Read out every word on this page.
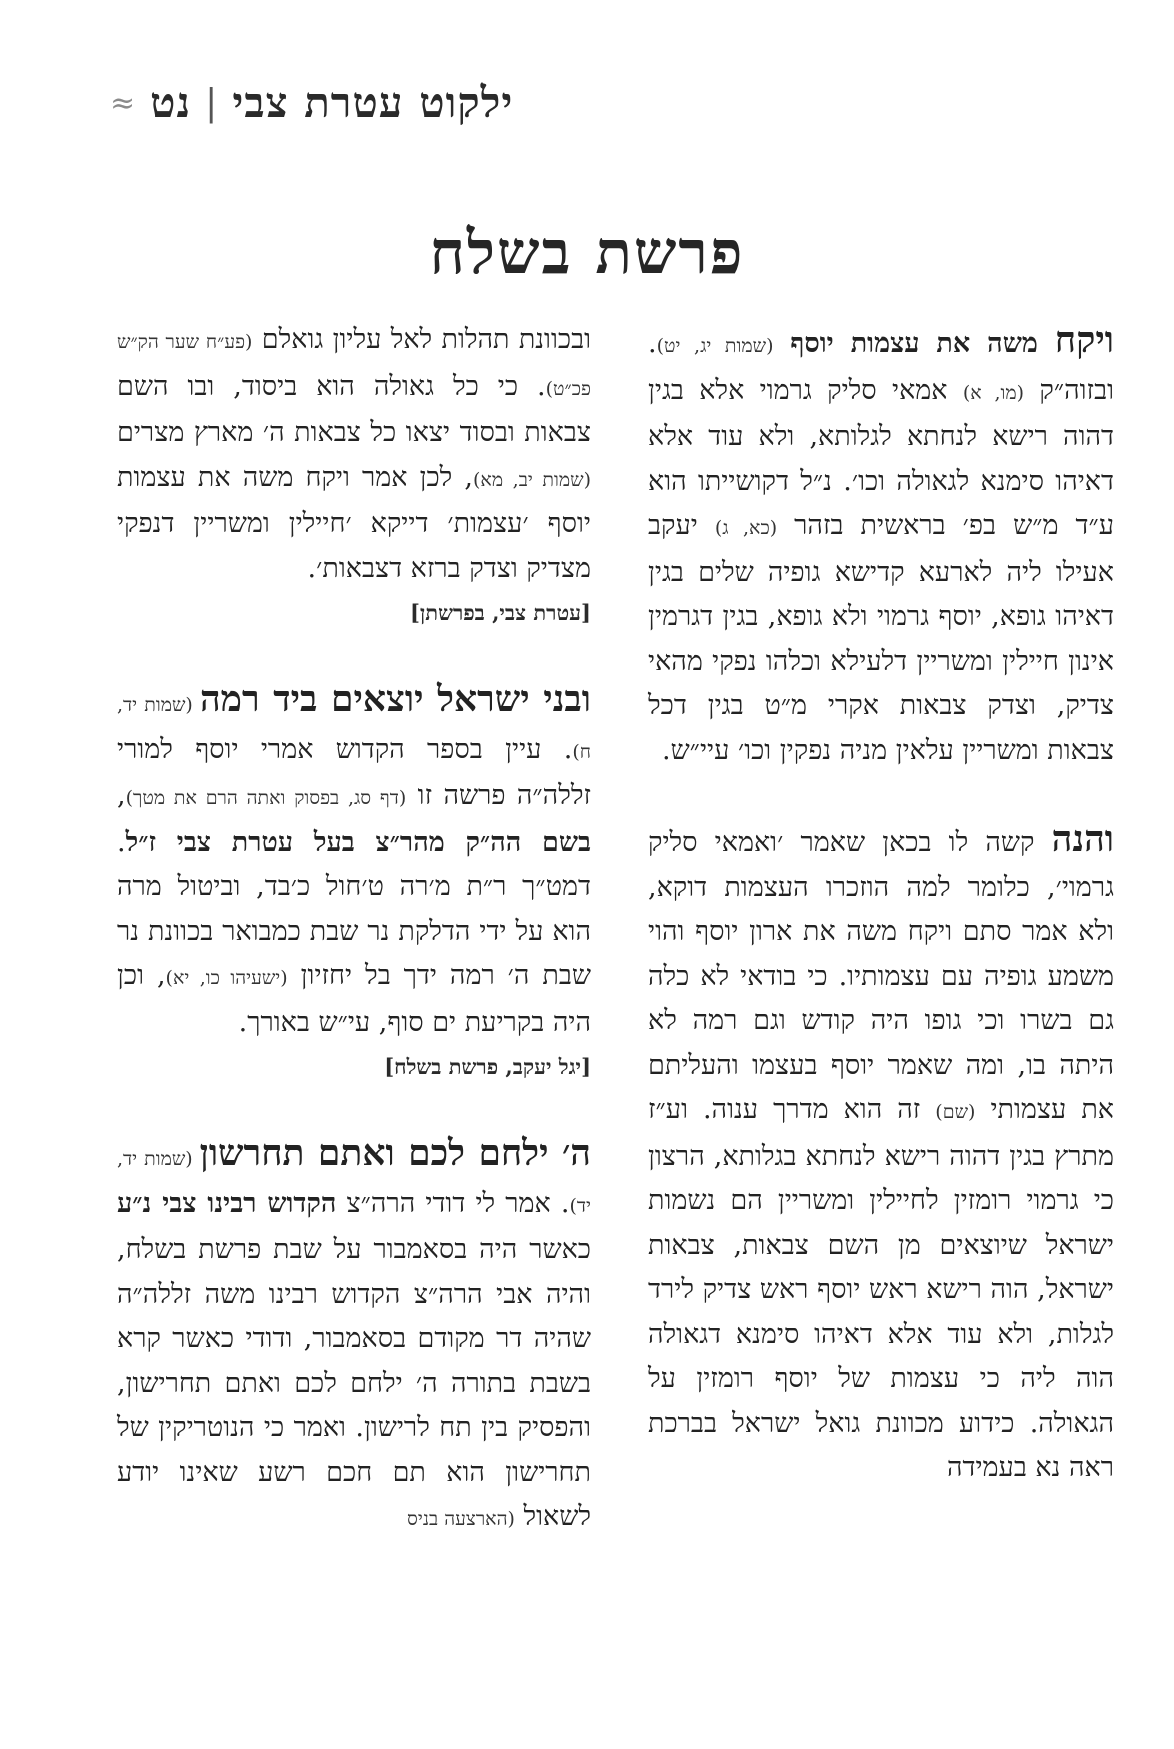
ילקוט עטרת צבי
|
נט
≈
פרשת בשלח

ויקח משה את עצמות יוסף (שמות יג, יט). ובזוה״ק (מו, א) אמאי סליק גרמוי אלא בגין דהוה רישא לנחתא לגלותא, ולא עוד אלא דאיהו סימנא לגאולה וכו׳. נ״ל דקושייתו הוא ע״ד מ״ש בפ׳ בראשית בזהר (כא, ג) יעקב אעילו ליה לארעא קדישא גופיה שלים בגין דאיהו גופא, יוסף גרמוי ולא גופא, בגין דגרמין אינון חיילין ומשריין דלעילא וכלהו נפקי מהאי צדיק, וצדק צבאות אקרי מ״ט בגין דכל צבאות ומשריין עלאין מניה נפקין וכו׳ עיי״ש.

והנה קשה לו בכאן שאמר ׳ואמאי סליק גרמוי׳, כלומר למה הוזכרו העצמות דוקא, ולא אמר סתם ויקח משה את ארון יוסף והוי משמע גופיה עם עצמותיו. כי בודאי לא כלה גם בשרו וכי גופו היה קודש וגם רמה לא היתה בו, ומה שאמר יוסף בעצמו והעליתם את עצמותי (שם) זה הוא מדרך ענוה. וע״ז מתרץ בגין דהוה רישא לנחתא בגלותא, הרצון כי גרמוי רומזין לחיילין ומשריין הם נשמות ישראל שיוצאים מן השם צבאות, צבאות ישראל, הוה רישא ראש יוסף ראש צדיק לירד לגלות, ולא עוד אלא דאיהו סימנא דגאולה הוה ליה כי עצמות של יוסף רומזין על הגאולה. כידוע מכוונת גואל ישראל בברכת ראה נא בעמידה

ובכוונת תהלות לאל עליון גואלם (פע״ח שער הק״ש פכ״ט). כי כל גאולה הוא ביסוד, ובו השם צבאות ובסוד יצאו כל צבאות ה׳ מארץ מצרים (שמות יב, מא), לכן אמר ויקח משה את עצמות יוסף ׳עצמות׳ דייקא ׳חיילין ומשריין דנפקי מצדיק וצדק ברזא דצבאות׳.

[עטרת צבי, בפרשתן]

ובני ישראל יוצאים ביד רמה (שמות יד, ח). עיין בספר הקדוש אמרי יוסף למורי זללה״ה פרשה זו (דף סג, בפסוק ואתה הרם את מטך), בשם הה״ק מהר״צ בעל עטרת צבי ז״ל. דמט״ך ר״ת מ׳רה ט׳חול כ׳בד, וביטול מרה הוא על ידי הדלקת נר שבת כמבואר בכוונת נר שבת ה׳ רמה ידך בל יחזיון (ישעיהו כו, יא), וכן היה בקריעת ים סוף, עי״ש באורך.

[יגל יעקב, פרשת בשלח]

ה׳ ילחם לכם ואתם תחרשון (שמות יד, יד). אמר לי דודי הרה״צ הקדוש רבינו צבי נ״ע כאשר היה בסאמבור על שבת פרשת בשלח, והיה אבי הרה״צ הקדוש רבינו משה זללה״ה שהיה דר מקודם בסאמבור, ודודי כאשר קרא בשבת בתורה ה׳ ילחם לכם ואתם תחרישון, והפסיק בין תח לרישון. ואמר כי הנוטריקין של תחרישון הוא תם חכם רשע שאינו יודע לשאול (הארצעה בניס
